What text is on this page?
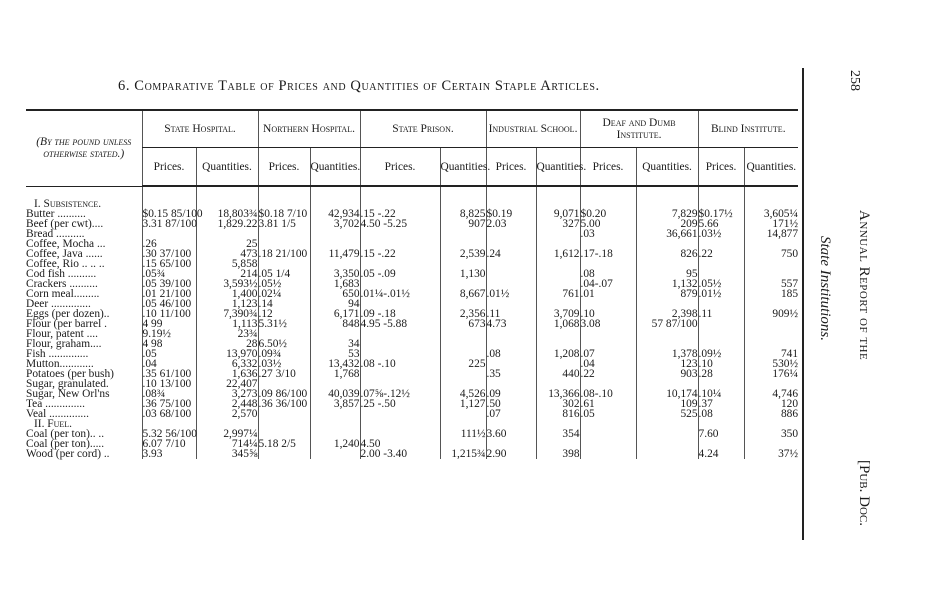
6. Comparative Table of Prices and Quantities of Certain Staple Articles.	258
State Institutions. Annual Report of the
[Pub. Doc.
(By the pound unless otherwise stated.)	State Hospital.		Northern Hospital.		State Prison.		Industrial School.		Deaf and Dumb Institute.		Blind Institute.	
	Prices.	Quantities.	Prices.	Quantities.	Prices.	Quantities.	Prices.	Quantities.	Prices.	Quantities.	Prices.	Quantities.

I. Subsistence.												
Butter ..........	$0.15 85/100	18,803¾	$0.18 7/10	42,934	.15 -.22	8,825	$0.19	9,071	$0.20	7,829	$0.17½	3,605¼
Beef (per cwt)....	3.31 87/100	1,829.22	3.81 1/5	3,702	4.50 -5.25	907	2.03	327	5.00	209	5.66	171½
Bread ..........									.03	36,661	.03½	14,877
Coffee, Mocha ...	.26	25										
Coffee, Java ......	.30 37/100	473	.18 21/100	11,479	.15 -.22	2,539	.24	1,612	.17-.18	826	.22	750
Coffee, Rio .. .. ..	.15 65/100	5,858										
Cod fish ..........	.05¾	214	.05 1/4	3,350	.05 -.09	1,130			.08	95		
Crackers ..........	.05 39/100	3,593½	.05½	1,683					.04-.07	1,132	.05½	557
Corn meal.........	.01 21/100	1,400	.02¼	650	.01¼-.01½	8,667	.01½	761	.01	879	.01½	185
Deer ..............	.05 46/100	1,123	.14	94								
Eggs (per dozen)..	.10 11/100	7,390¾	.12	6,171	.09 -.18	2,356	.11	3,709	.10	2,398	.11	909½
Flour (per barrel .	4 99	1,113	5.31½	848	4.95 -5.88	673	4.73	1,068	3.08	57 87/100		
Flour, patent ....	9.19½	23¾										
Flour, graham....	4 98	28	6.50½	34								
Fish ..............	.05	13,970	.09¾	53			.08	1,208	.07	1,378	.09½	741
Mutton............	.04	6,332	.03½	13,432	.08 -.10	225			.04	123	.10	530½
Potatoes (per bush)	.35 61/100	1,636	.27 3/10	1,768			.35	440	.22	903	.28	176¼
Sugar, granulated.	.10 13/100	22,407										
Sugar, New Orl'ns	.08¾	3,273	.09 86/100	40,039	.07⅝-.12½	4,526	.09	13,366	.08-.10	10,174	.10¼	4,746
Tea ..............	.36 75/100	2,448	.36 36/100	3,857	.25 -.50	1,127	.50	302	.61	109	.37	120
Veal ..............	.03 68/100	2,570					.07	816	.05	525	.08	886
II. Fuel.												
Coal (per ton).. ..	5.32 56/100	2,997¼				111½	3.60	354			7.60	350
Coal (per ton).....	6.07 7/10	714¼	5.18 2/5	1,240	4.50							
Wood (per cord) ..	3.93	345⅝			2.00 -3.40	1,215¾	2.90	398			4.24	37½
